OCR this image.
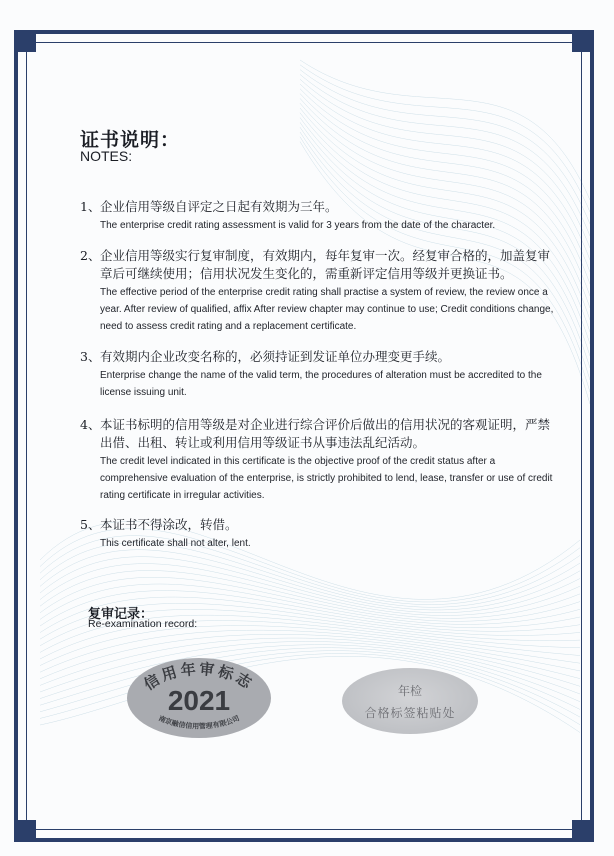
证书说明：
NOTES:
1、企业信用等级自评定之日起有效期为三年。
The enterprise credit rating assessment is valid for 3 years from the date of the character.
2、企业信用等级实行复审制度，有效期内，每年复审一次。经复审合格的，加盖复审章后可继续使用；信用状况发生变化的，需重新评定信用等级并更换证书。
The effective period of the enterprise credit rating shall practise a system of review, the review once a year. After review of qualified, affix After review chapter may continue to use; Credit conditions change, need to assess credit rating and a replacement certificate.
3、有效期内企业改变名称的，必须持证到发证单位办理变更手续。
Enterprise change the name of the valid term, the procedures of alteration must be accredited to the license issuing unit.
4、本证书标明的信用等级是对企业进行综合评价后做出的信用状况的客观证明，严禁出借、出租、转让或利用信用等级证书从事违法乱纪活动。
The credit level indicated in this certificate is the objective proof of the credit status after a comprehensive evaluation of the enterprise, is strictly prohibited to lend, lease, transfer or use of credit rating certificate in irregular activities.
5、本证书不得涂改，转借。
This certificate shall not alter, lent.
复审记录：
Re-examination record:
信用年审标志
2021
南京融信信用管理有限公司
年检
合格标签粘贴处
